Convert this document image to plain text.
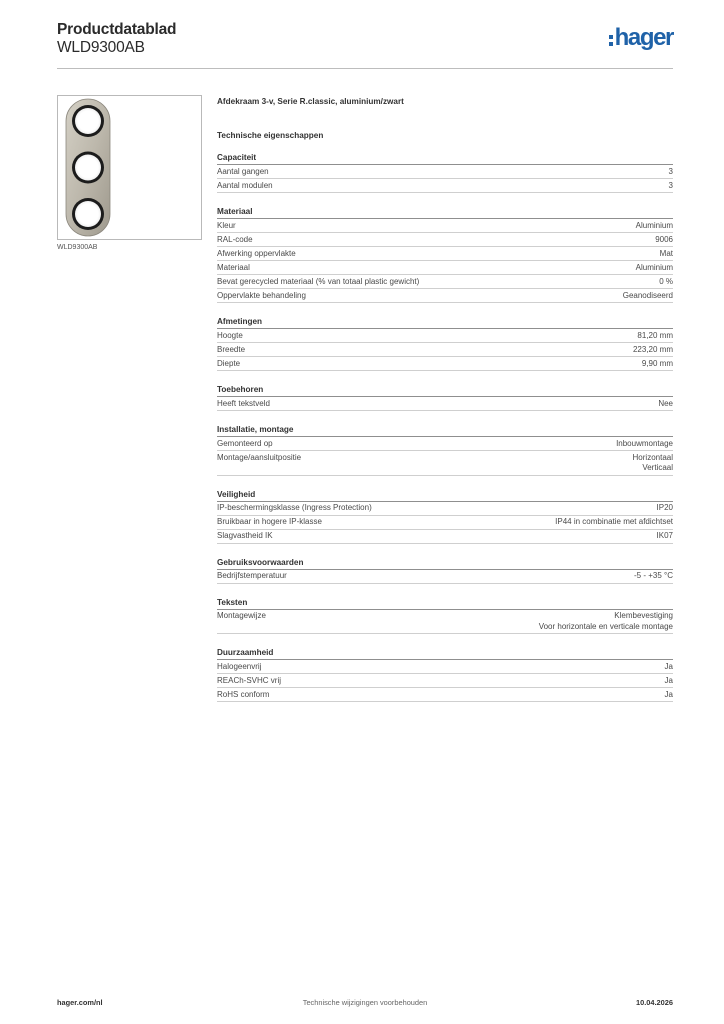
Productdatablad
WLD9300AB	hager
WLD9300AB
Afdekraam 3-v, Serie R.classic, aluminium/zwart
Technische eigenschappen
Capaciteit
Aantal gangen	3
Aantal modulen	3
Materiaal
Kleur	Aluminium
RAL-code	9006
Afwerking oppervlakte	Mat
Materiaal	Aluminium
Bevat gerecycled materiaal (% van totaal plastic gewicht)	0 %
Oppervlakte behandeling	Geanodiseerd
Afmetingen
Hoogte	81,20 mm
Breedte	223,20 mm
Diepte	9,90 mm
Toebehoren
Heeft tekstveld	Nee
Installatie, montage
Gemonteerd op	Inbouwmontage
Montage/aansluitpositie	Horizontaal
Verticaal
Veiligheid
IP-beschermingsklasse (Ingress Protection)	IP20
Bruikbaar in hogere IP-klasse	IP44 in combinatie met afdichtset
Slagvastheid IK	IK07
Gebruiksvoorwaarden
Bedrijfstemperatuur	-5 - +35 °C
Teksten
Montagewijze	Klembevestiging
Voor horizontale en verticale montage
Duurzaamheid
Halogeenvrij	Ja
REACh-SVHC vrij	Ja
RoHS conform	Ja
hager.com/nl	Technische wijzigingen voorbehouden	10.04.2026
